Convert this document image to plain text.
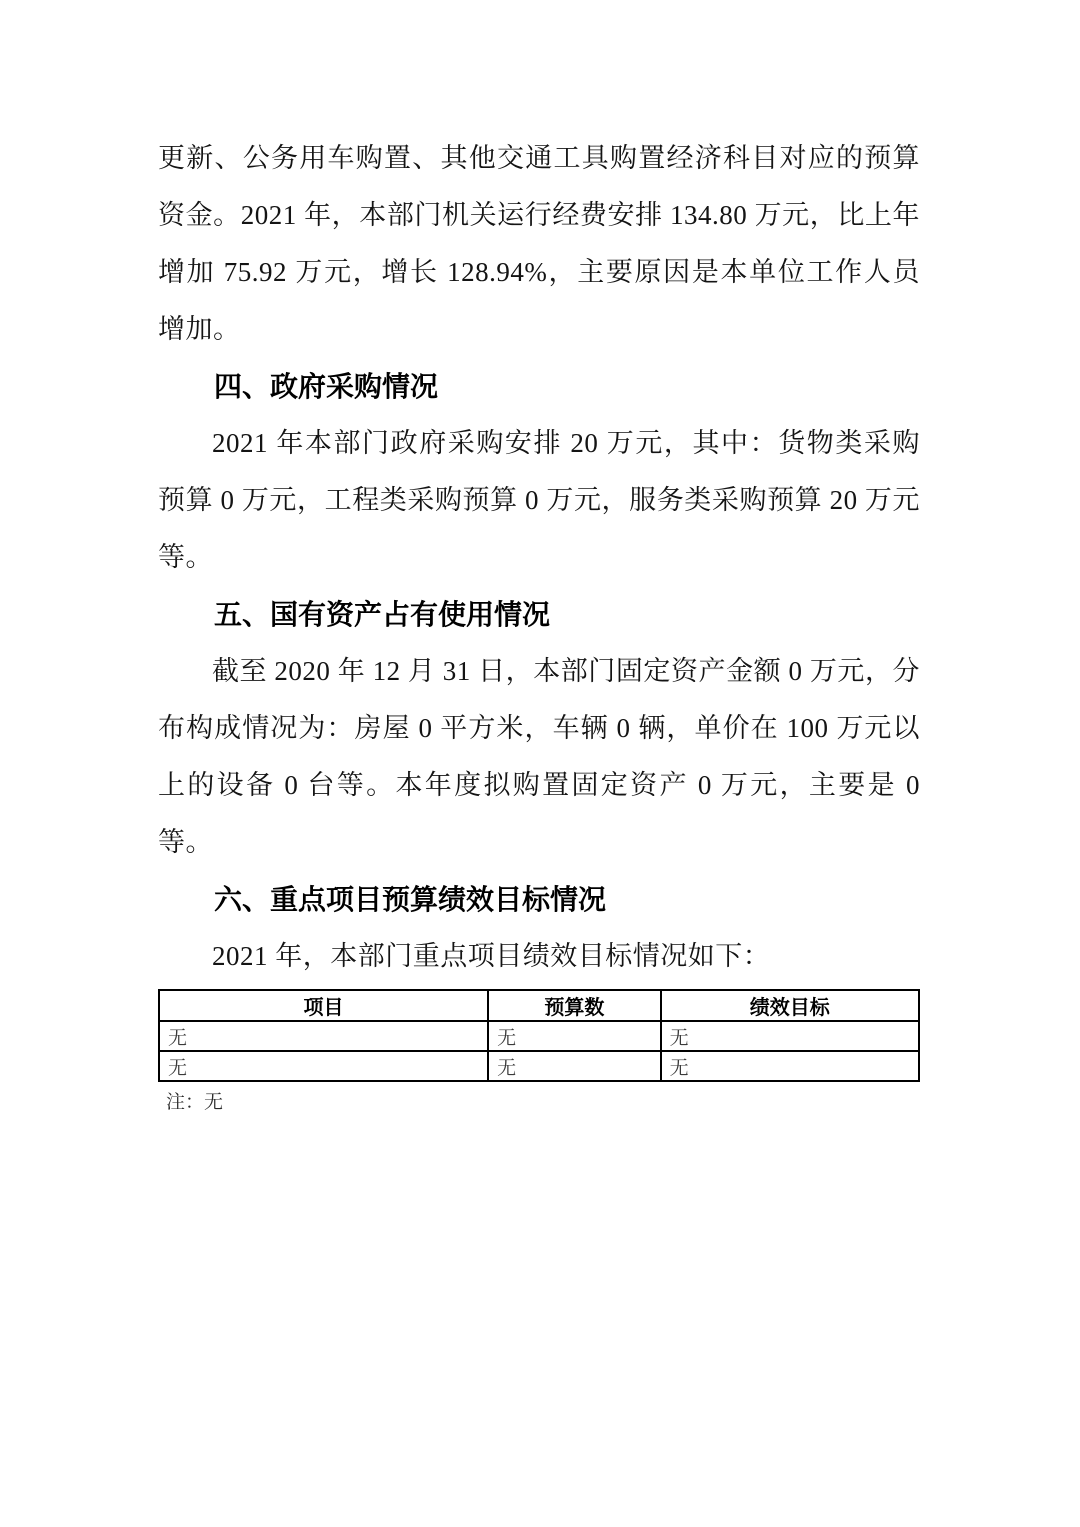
更新、公务用车购置、其他交通工具购置经济科目对应的预算资金。2021 年，本部门机关运行经费安排 134.80 万元，比上年增加 75.92 万元，增长 128.94%，主要原因是本单位工作人员增加。

四、政府采购情况

2021 年本部门政府采购安排 20 万元，其中：货物类采购预算 0 万元，工程类采购预算 0 万元，服务类采购预算 20 万元等。

五、国有资产占有使用情况

截至 2020 年 12 月 31 日，本部门固定资产金额 0 万元，分布构成情况为：房屋 0 平方米，车辆 0 辆，单价在 100 万元以上的设备 0 台等。本年度拟购置固定资产 0 万元，主要是 0 等。

六、重点项目预算绩效目标情况

2021 年，本部门重点项目绩效目标情况如下：

项目	预算数	绩效目标
无	无	无
无	无	无

注：无
